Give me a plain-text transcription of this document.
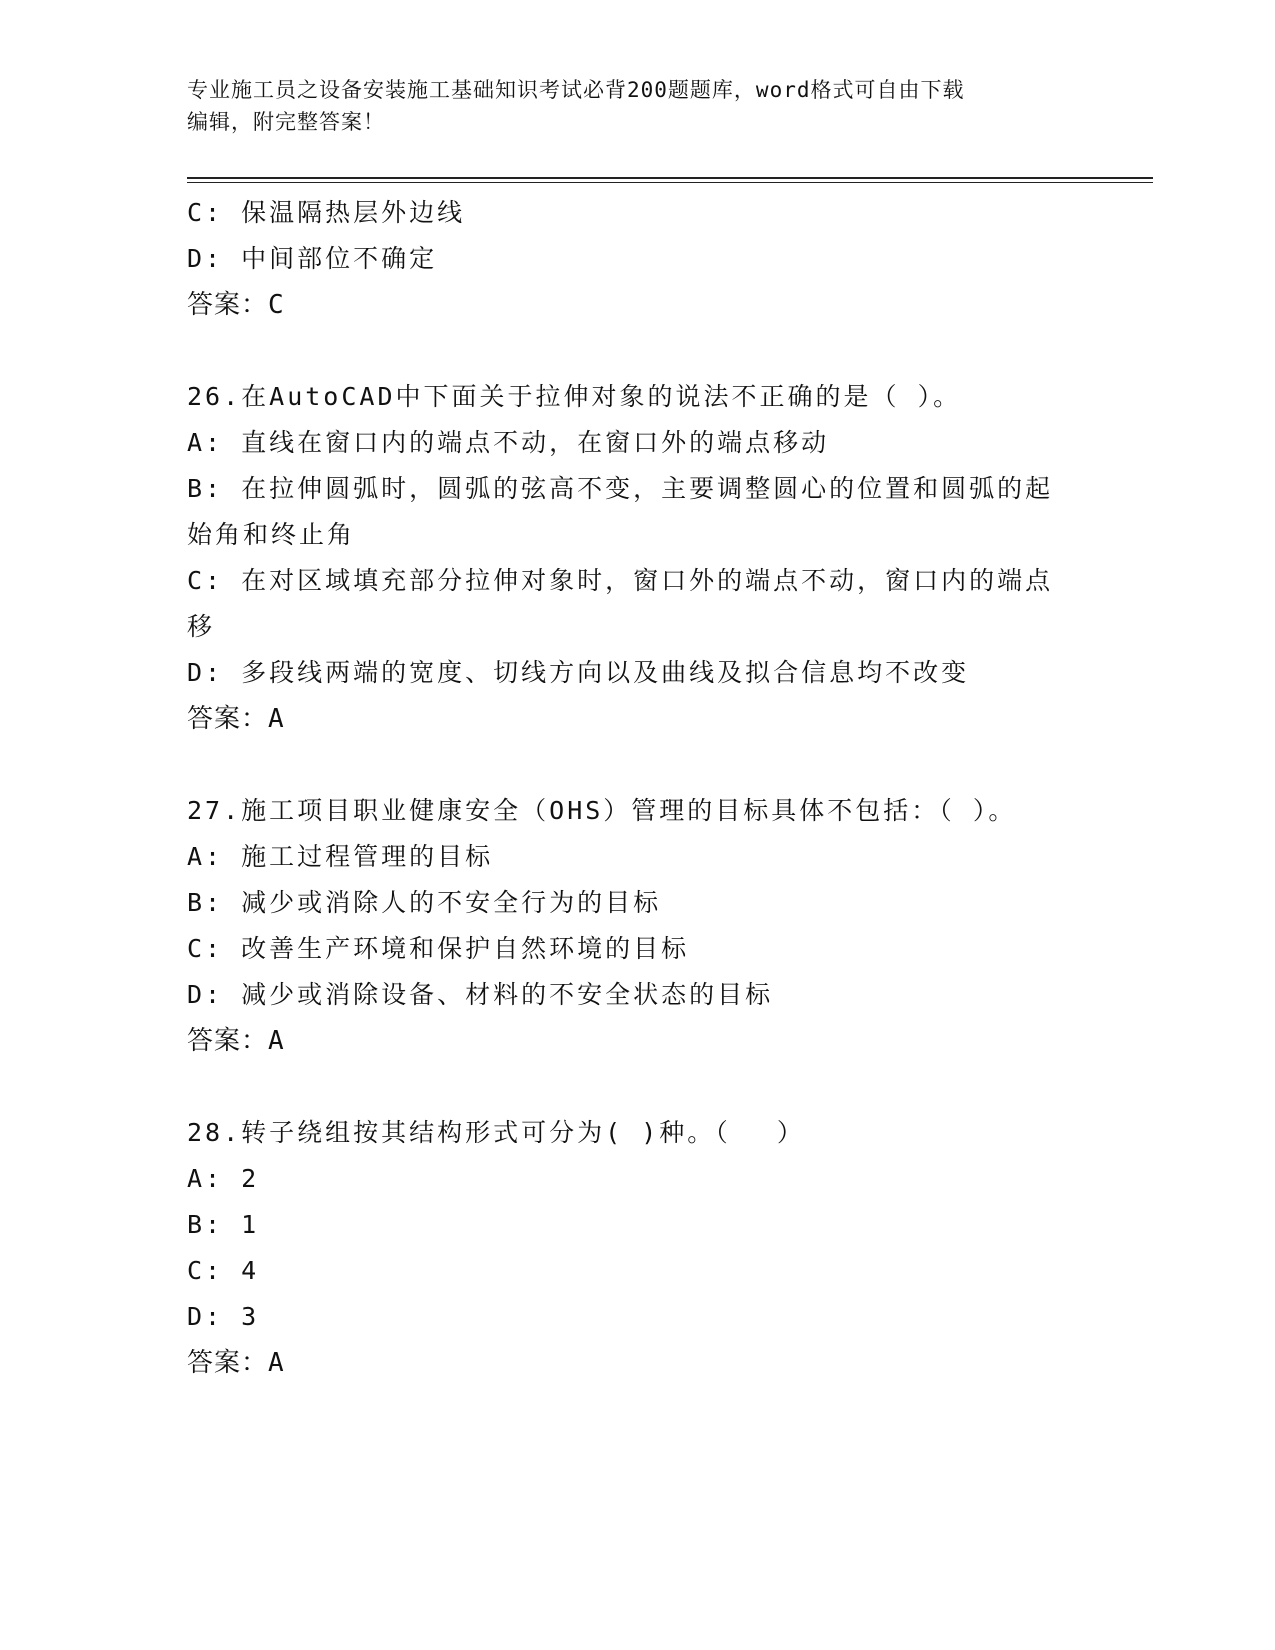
专业施工员之设备安装施工基础知识考试必背200题题库，word格式可自由下载
编辑，附完整答案！
C: 保温隔热层外边线
D: 中间部位不确定
答案：C
26.在AutoCAD中下面关于拉伸对象的说法不正确的是（ ）。
A: 直线在窗口内的端点不动，在窗口外的端点移动
B: 在拉伸圆弧时，圆弧的弦高不变，主要调整圆心的位置和圆弧的起
始角和终止角
C: 在对区域填充部分拉伸对象时，窗口外的端点不动，窗口内的端点
移
D: 多段线两端的宽度、切线方向以及曲线及拟合信息均不改变
答案：A
27.施工项目职业健康安全（OHS）管理的目标具体不包括：（ ）。
A: 施工过程管理的目标
B: 减少或消除人的不安全行为的目标
C: 改善生产环境和保护自然环境的目标
D: 减少或消除设备、材料的不安全状态的目标
答案：A
28.转子绕组按其结构形式可分为( )种。（　 ）
A: 2
B: 1
C: 4
D: 3
答案：A
